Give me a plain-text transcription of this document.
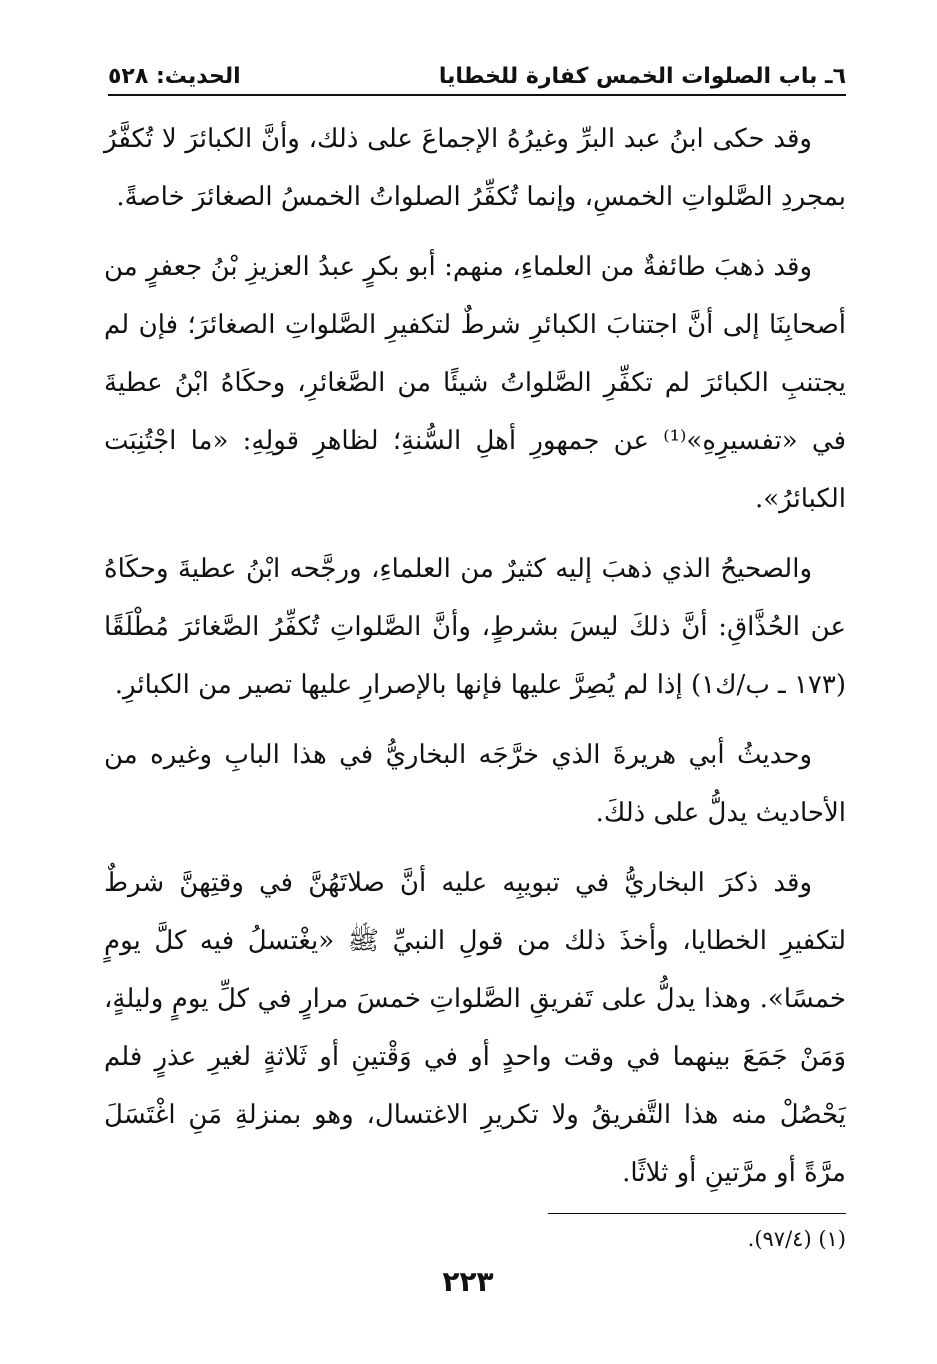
٦ـ باب الصلوات الخمس كفارة للخطايا
الحديث: ٥٢٨

وقد حكى ابنُ عبد البرِّ وغيرُهُ الإجماعَ على ذلك، وأنَّ الكبائرَ لا تُكفَّرُ بمجردِ الصَّلواتِ الخمسِ، وإنما تُكفِّرُ الصلواتُ الخمسُ الصغائرَ خاصةً.

وقد ذهبَ طائفةٌ من العلماءِ، منهم: أبو بكرٍ عبدُ العزيزِ بْنُ جعفرٍ من أصحابِنَا إلى أنَّ اجتنابَ الكبائرِ شرطٌ لتكفيرِ الصَّلواتِ الصغائرَ؛ فإن لم يجتنبِ الكبائرَ لم تكفِّرِ الصَّلواتُ شيئًا من الصَّغائرِ، وحكَاهُ ابْنُ عطيةَ في «تفسيرِهِ»⁽¹⁾ عن جمهورِ أهلِ السُّنةِ؛ لظاهرِ قولِهِ: «ما اجْتُنِبَت الكبائرُ».

والصحيحُ الذي ذهبَ إليه كثيرٌ من العلماءِ، ورجَّحه ابْنُ عطيةَ وحكَاهُ عن الحُذَّاقِ: أنَّ ذلكَ ليسَ بشرطٍ، وأنَّ الصَّلواتِ تُكفِّرُ الصَّغائرَ مُطْلَقًا (١٧٣ ـ ب/ك١) إذا لم يُصِرَّ عليها فإنها بالإصرارِ عليها تصير من الكبائرِ.

وحديثُ أبي هريرةَ الذي خرَّجَه البخاريُّ في هذا البابِ وغيره من الأحاديث يدلُّ على ذلكَ.

وقد ذكرَ البخاريُّ في تبويبِه عليه أنَّ صلاتَهُنَّ في وقتِهنَّ شرطٌ لتكفيرِ الخطايا، وأخذَ ذلك من قولِ النبيِّ ﷺ «يغْتسلُ فيه كلَّ يومٍ خمسًا». وهذا يدلُّ على تَفريقِ الصَّلواتِ خمسَ مرارٍ في كلِّ يومٍ وليلةٍ، وَمَنْ جَمَعَ بينهما في وقت واحدٍ أو في وَقْتينِ أو ثَلاثةٍ لغيرِ عذرٍ فلم يَحْصُلْ منه هذا التَّفريقُ ولا تكريرِ الاغتسال، وهو بمنزلةِ مَنِ اغْتَسَلَ مرَّةً أو مرَّتينِ أو ثلاثًا.

(١) (٩٧/٤).
٢٢٣
